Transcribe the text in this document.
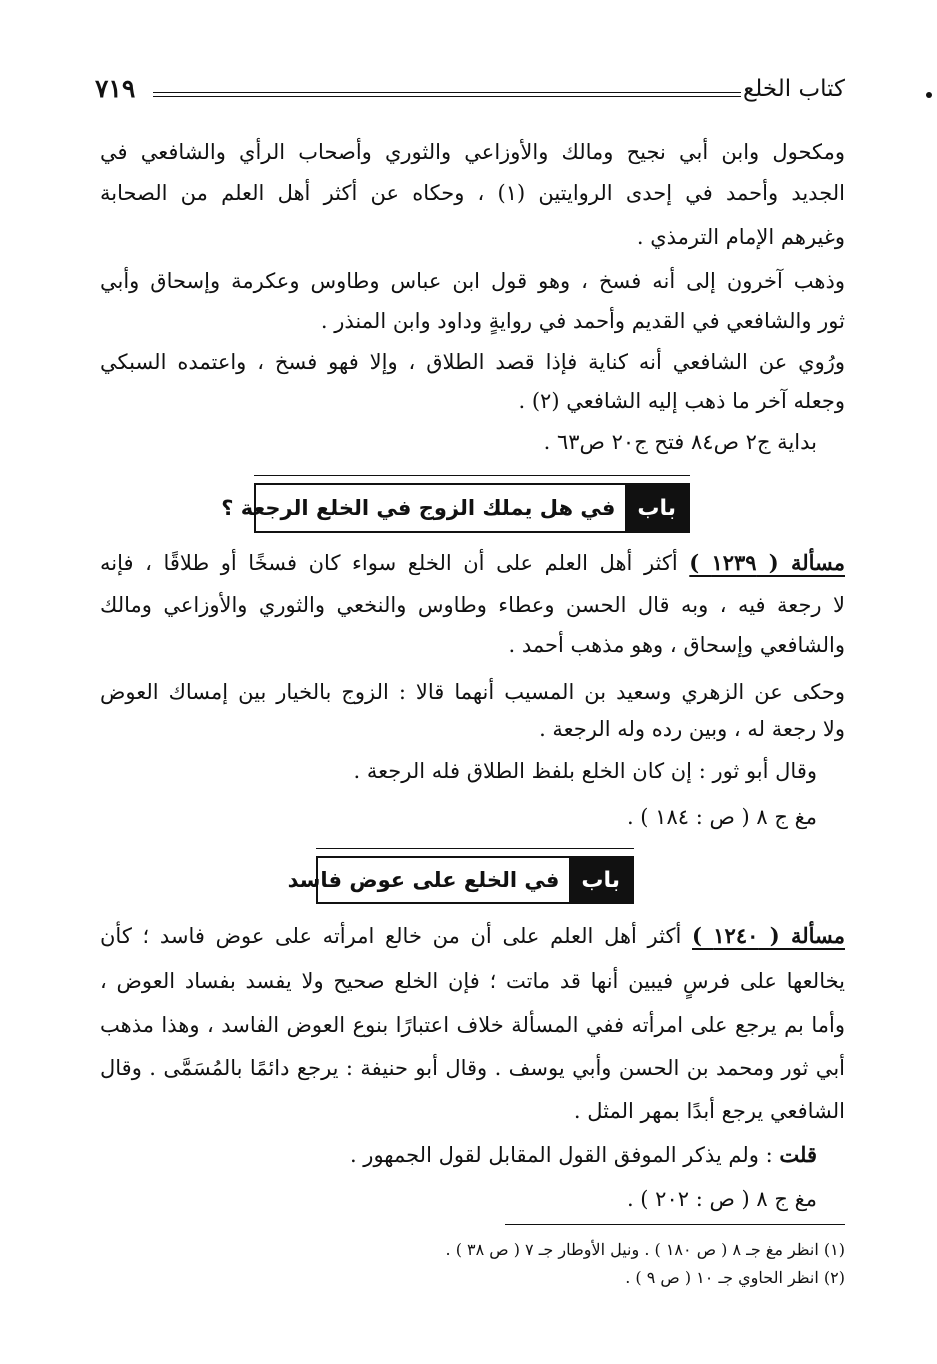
كتاب الخلع
٧١٩
ومكحول وابن أبي نجيح ومالك والأوزاعي والثوري وأصحاب الرأي والشافعي في
الجديد وأحمد في إحدى الروايتين (١) ، وحكاه عن أكثر أهل العلم من الصحابة
وغيرهم الإمام الترمذي .
وذهب آخرون إلى أنه فسخ ، وهو قول ابن عباس وطاوس وعكرمة وإسحاق وأبي
ثور والشافعي في القديم وأحمد في روايةٍ وداود وابن المنذر .
ورُوي عن الشافعي أنه كناية فإذا قصد الطلاق ، وإلا فهو فسخ ، واعتمده السبكي
وجعله آخر ما ذهب إليه الشافعي (٢) .
بداية ج٢ ص٨٤ فتح ج٢٠ ص٦٣ .
باب
في هل يملك الزوج في الخلع الرجعة ؟
مسألة ( ١٢٣٩ ) أكثر أهل العلم على أن الخلع سواء كان فسخًا أو طلاقًا ، فإنه
لا رجعة فيه ، وبه قال الحسن وعطاء وطاوس والنخعي والثوري والأوزاعي ومالك
والشافعي وإسحاق ، وهو مذهب أحمد .
وحكى عن الزهري وسعيد بن المسيب أنهما قالا : الزوج بالخيار بين إمساك العوض
ولا رجعة له ، وبين رده وله الرجعة .
وقال أبو ثور : إن كان الخلع بلفظ الطلاق فله الرجعة .
مغ ج ٨ ( ص : ١٨٤ ) .
باب
في الخلع على عوض فاسد
مسألة ( ١٢٤٠ ) أكثر أهل العلم على أن من خالع امرأته على عوض فاسد ؛ كأن
يخالعها على فرسٍ فيبين أنها قد ماتت ؛ فإن الخلع صحيح ولا يفسد بفساد العوض ،
وأما بم يرجع على امرأته ففي المسألة خلاف اعتبارًا بنوع العوض الفاسد ، وهذا مذهب
أبي ثور ومحمد بن الحسن وأبي يوسف . وقال أبو حنيفة : يرجع دائمًا بالمُسَمَّى . وقال
الشافعي يرجع أبدًا بمهر المثل .
قلت : ولم يذكر الموفق القول المقابل لقول الجمهور .
مغ ج ٨ ( ص : ٢٠٢ ) .
(١) انظر مغ جـ ٨ ( ص ١٨٠ ) . ونيل الأوطار جـ ٧ ( ص ٣٨ ) .
(٢) انظر الحاوي جـ ١٠ ( ص ٩ ) .
